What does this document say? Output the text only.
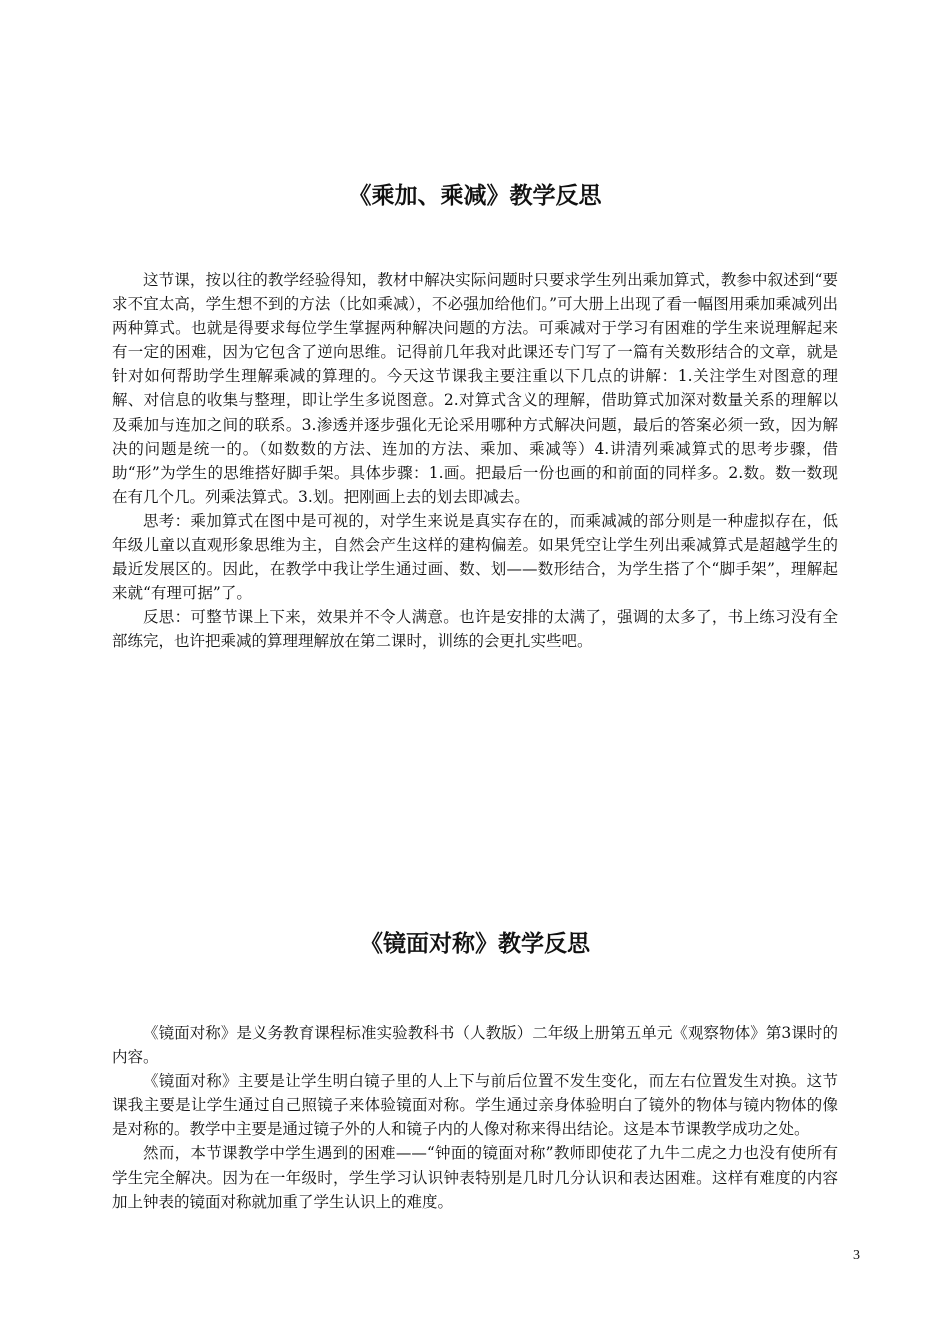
《乘加、乘减》教学反思

这节课，按以往的教学经验得知，教材中解决实际问题时只要求学生列出乘加算式，教参中叙述到“要求不宜太高，学生想不到的方法（比如乘减），不必强加给他们。”可大册上出现了看一幅图用乘加乘减列出两种算式。也就是得要求每位学生掌握两种解决问题的方法。可乘减对于学习有困难的学生来说理解起来有一定的困难，因为它包含了逆向思维。记得前几年我对此课还专门写了一篇有关数形结合的文章，就是针对如何帮助学生理解乘减的算理的。今天这节课我主要注重以下几点的讲解：1.关注学生对图意的理解、对信息的收集与整理，即让学生多说图意。2.对算式含义的理解，借助算式加深对数量关系的理解以及乘加与连加之间的联系。3.渗透并逐步强化无论采用哪种方式解决问题，最后的答案必须一致，因为解决的问题是统一的。（如数数的方法、连加的方法、乘加、乘减等）4.讲清列乘减算式的思考步骤，借助“形”为学生的思维搭好脚手架。具体步骤：1.画。把最后一份也画的和前面的同样多。2.数。数一数现在有几个几。列乘法算式。3.划。把刚画上去的划去即减去。

思考：乘加算式在图中是可视的，对学生来说是真实存在的，而乘减减的部分则是一种虚拟存在，低年级儿童以直观形象思维为主，自然会产生这样的建构偏差。如果凭空让学生列出乘减算式是超越学生的最近发展区的。因此，在教学中我让学生通过画、数、划——数形结合，为学生搭了个“脚手架”，理解起来就“有理可据”了。

反思：可整节课上下来，效果并不令人满意。也许是安排的太满了，强调的太多了，书上练习没有全部练完，也许把乘减的算理理解放在第二课时，训练的会更扎实些吧。

《镜面对称》教学反思

《镜面对称》是义务教育课程标准实验教科书（人教版）二年级上册第五单元《观察物体》第3课时的内容。

《镜面对称》主要是让学生明白镜子里的人上下与前后位置不发生变化，而左右位置发生对换。这节课我主要是让学生通过自己照镜子来体验镜面对称。学生通过亲身体验明白了镜外的物体与镜内物体的像是对称的。教学中主要是通过镜子外的人和镜子内的人像对称来得出结论。这是本节课教学成功之处。

然而，本节课教学中学生遇到的困难——“钟面的镜面对称”教师即使花了九牛二虎之力也没有使所有学生完全解决。因为在一年级时，学生学习认识钟表特别是几时几分认识和表达困难。这样有难度的内容加上钟表的镜面对称就加重了学生认识上的难度。

3
